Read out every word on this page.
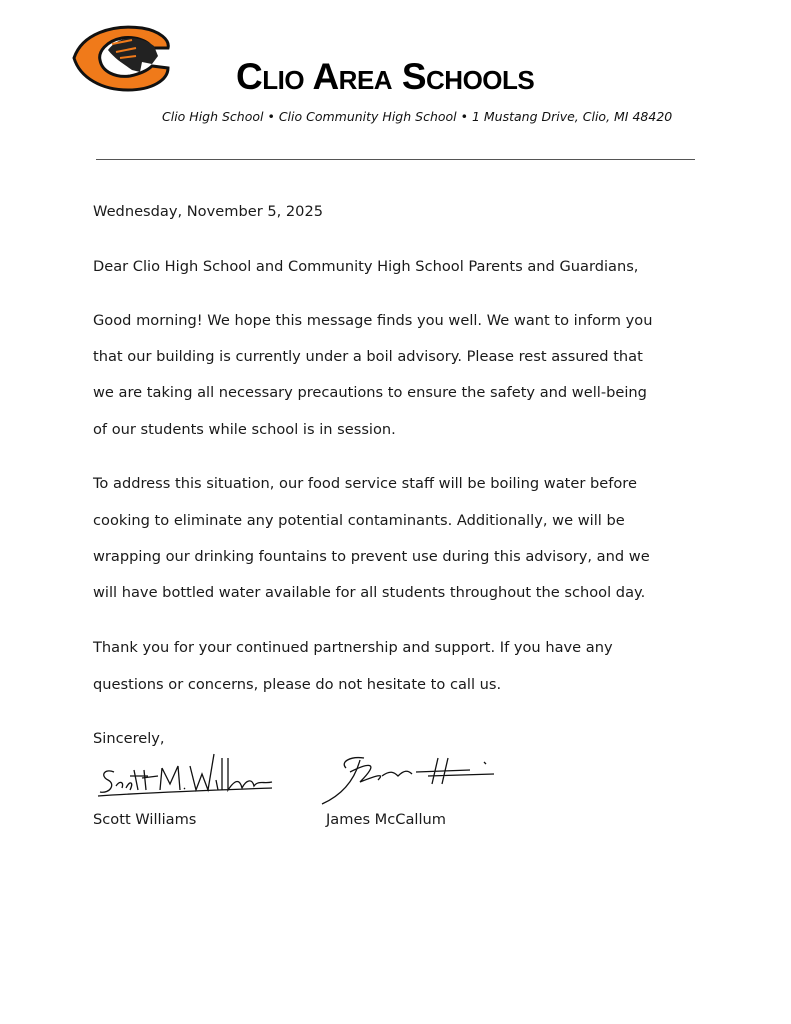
Clio Area Schools
Clio High School • Clio Community High School • 1 Mustang Drive, Clio, MI 48420
Wednesday, November 5, 2025
Dear Clio High School and Community High School Parents and Guardians,
Good morning! We hope this message finds you well. We want to inform you
that our building is currently under a boil advisory. Please rest assured that
we are taking all necessary precautions to ensure the safety and well-being
of our students while school is in session.
To address this situation, our food service staff will be boiling water before
cooking to eliminate any potential contaminants. Additionally, we will be
wrapping our drinking fountains to prevent use during this advisory, and we
will have bottled water available for all students throughout the school day.
Thank you for your continued partnership and support. If you have any
questions or concerns, please do not hesitate to call us.
Sincerely,
Scott Williams	James McCallum
